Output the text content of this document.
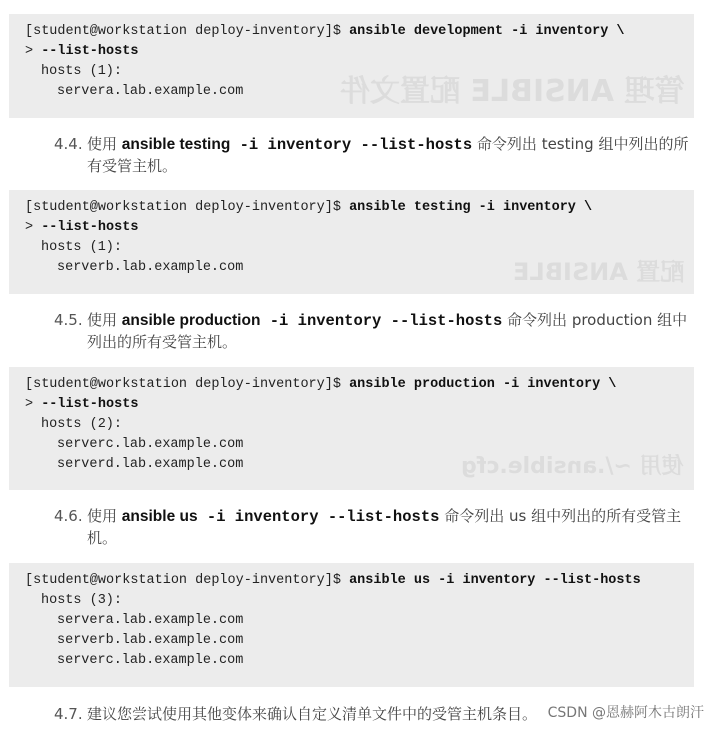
管理 ANSIBLE 配置文件
[student@workstation deploy-inventory]$ ansible development -i inventory \
> --list-hosts
hosts (1):
servera.lab.example.com
4.4. 使用 ansible testing -i inventory --list-hosts 命令列出 testing 组中列出的所有受管主机。
配置 ANSIBLE
[student@workstation deploy-inventory]$ ansible testing -i inventory \
> --list-hosts
hosts (1):
serverb.lab.example.com
4.5. 使用 ansible production -i inventory --list-hosts 命令列出 production 组中列出的所有受管主机。
使用 ~/.ansible.cfg
[student@workstation deploy-inventory]$ ansible production -i inventory \
> --list-hosts
hosts (2):
serverc.lab.example.com
serverd.lab.example.com
4.6. 使用 ansible us -i inventory --list-hosts 命令列出 us 组中列出的所有受管主机。
[student@workstation deploy-inventory]$ ansible us -i inventory --list-hosts
hosts (3):
servera.lab.example.com
serverb.lab.example.com
serverc.lab.example.com
4.7. 建议您尝试使用其他变体来确认自定义清单文件中的受管主机条目。 CSDN @恩赫阿木古朗汗
